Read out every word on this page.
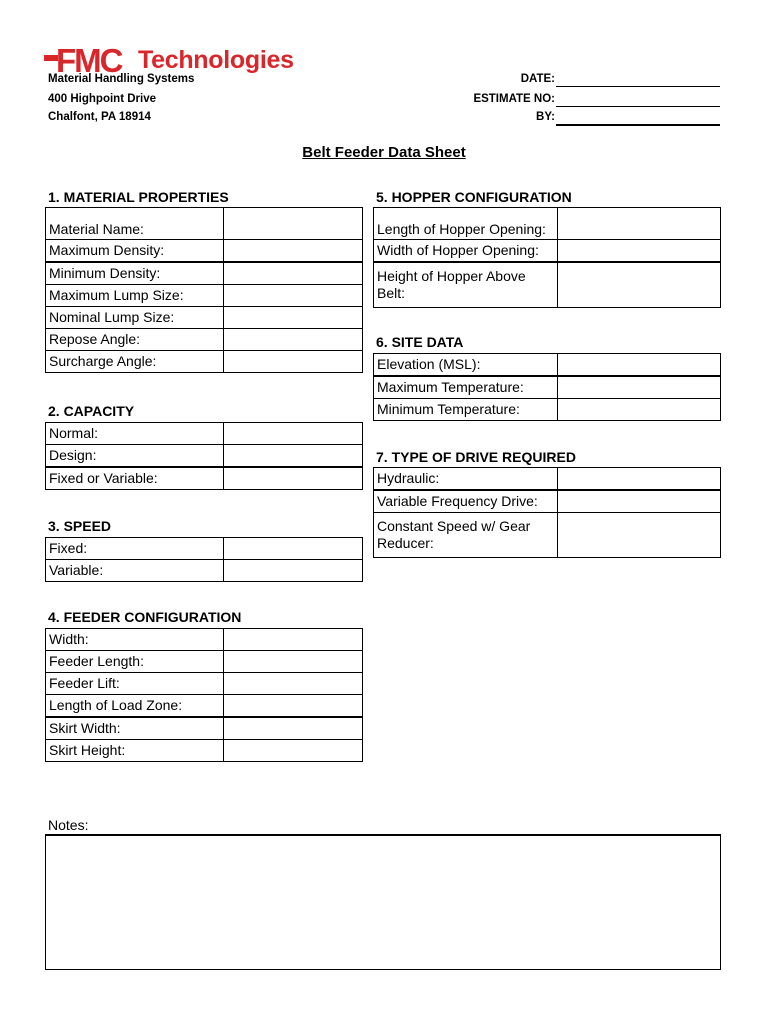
FMC Technologies
Material Handling Systems
400 Highpoint Drive
Chalfont, PA 18914
DATE:
ESTIMATE NO:
BY:
Belt Feeder Data Sheet
1. MATERIAL PROPERTIES
Material Name:	
Maximum Density:	
Minimum Density:	
Maximum Lump Size:	
Nominal Lump Size:	
Repose Angle:	
Surcharge Angle:	
2. CAPACITY
Normal:	
Design:	
Fixed or Variable:	
3. SPEED
Fixed:	
Variable:	
4. FEEDER CONFIGURATION
Width:	
Feeder Length:	
Feeder Lift:	
Length of Load Zone:	
Skirt Width:	
Skirt Height:	
5. HOPPER CONFIGURATION
Length of Hopper Opening:	
Width of Hopper Opening:	
Height of Hopper Above Belt:	
6. SITE DATA
Elevation (MSL):	
Maximum Temperature:	
Minimum Temperature:	
7. TYPE OF DRIVE REQUIRED
Hydraulic:	
Variable Frequency Drive:	
Constant Speed w/ Gear Reducer:	
Notes:
